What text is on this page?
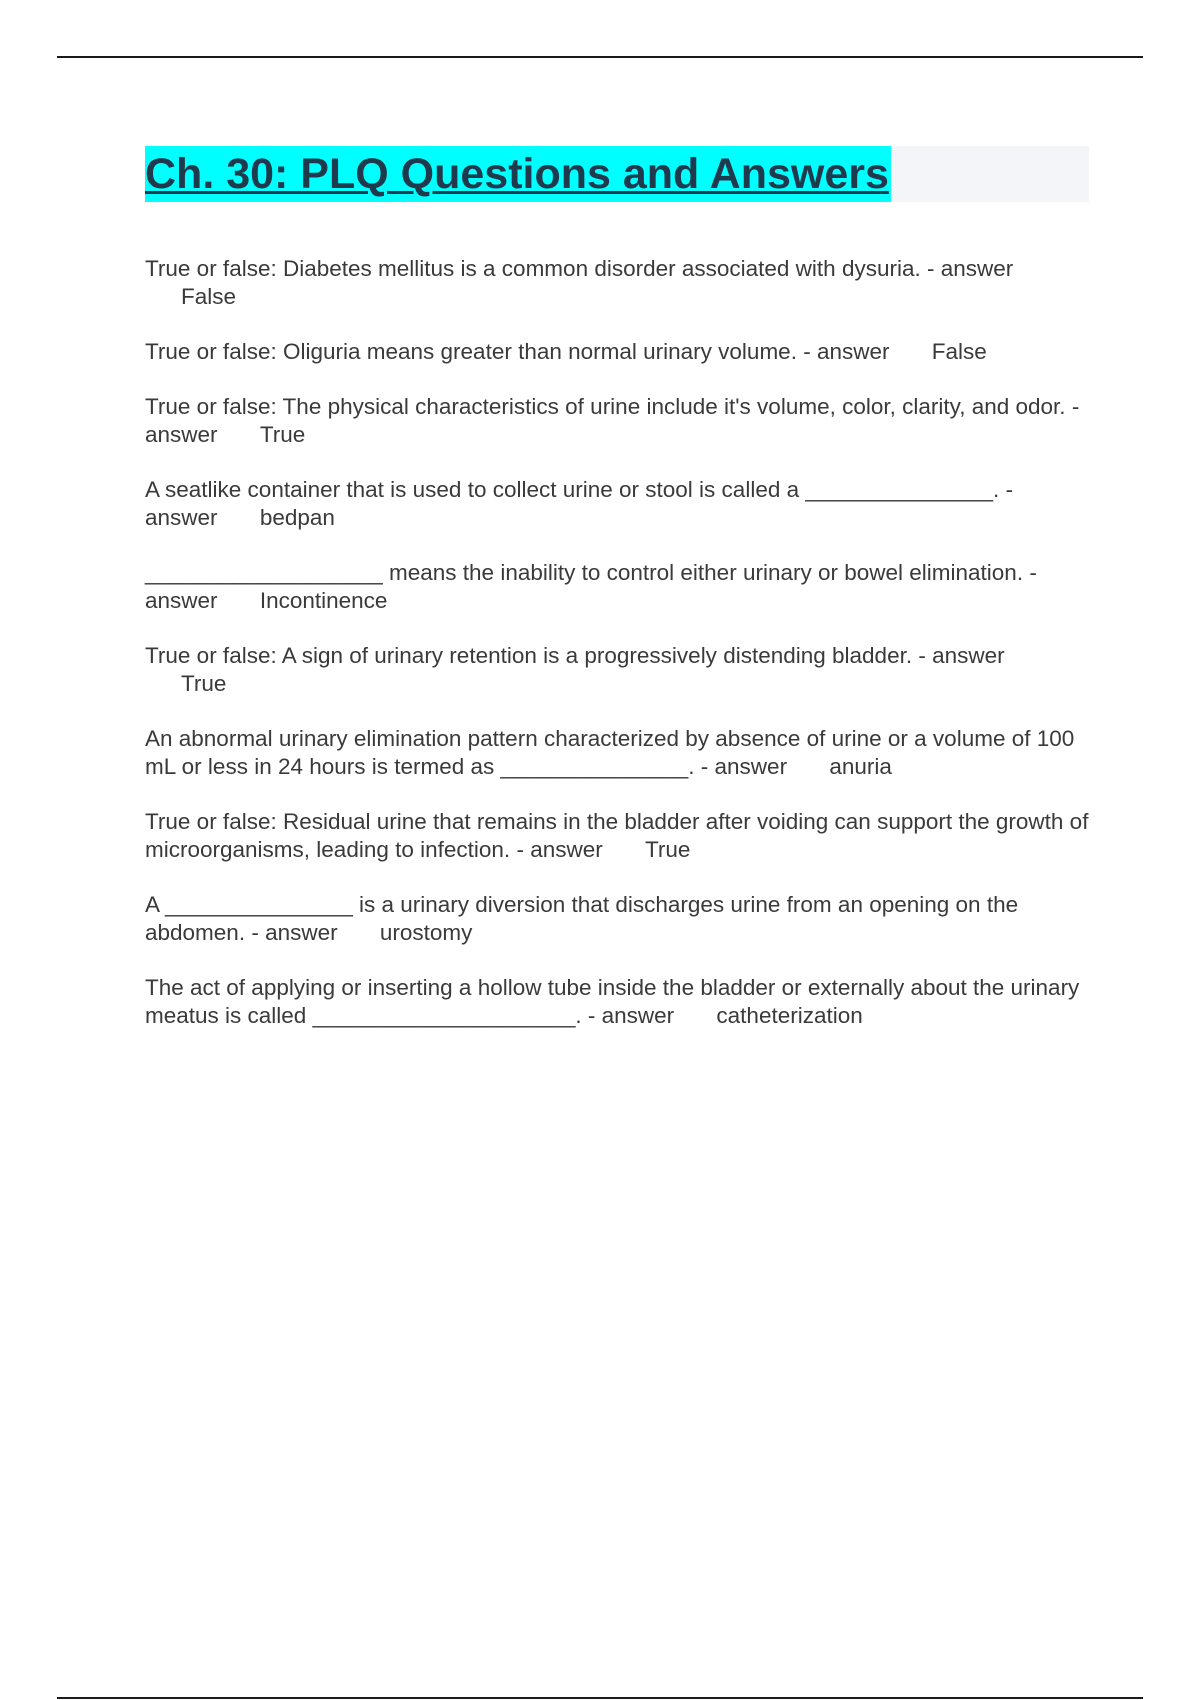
Ch. 30: PLQ Questions and Answers
True or false: Diabetes mellitus is a common disorder associated with dysuria. - answer False
True or false: Oliguria means greater than normal urinary volume. - answer False
True or false: The physical characteristics of urine include it's volume, color, clarity, and odor. - answer True
A seatlike container that is used to collect urine or stool is called a _______________. - answer bedpan
___________________ means the inability to control either urinary or bowel elimination. - answer Incontinence
True or false: A sign of urinary retention is a progressively distending bladder. - answer True
An abnormal urinary elimination pattern characterized by absence of urine or a volume of 100 mL or less in 24 hours is termed as _______________. - answer anuria
True or false: Residual urine that remains in the bladder after voiding can support the growth of microorganisms, leading to infection. - answer True
A _______________ is a urinary diversion that discharges urine from an opening on the abdomen. - answer urostomy
The act of applying or inserting a hollow tube inside the bladder or externally about the urinary meatus is called _____________________. - answer catheterization
